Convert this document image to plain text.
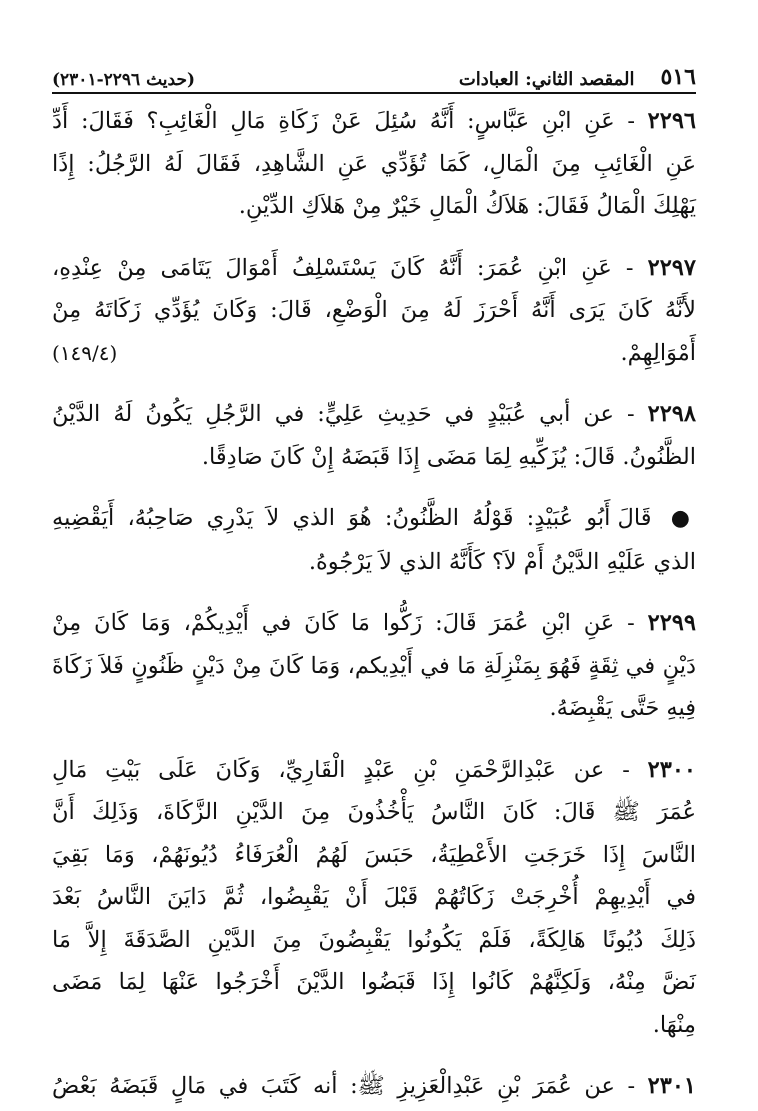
٥١٦
المقصد الثاني: العبادات
(حديث ٢٢٩٦-٢٣٠١)
٢٢٩٦ - عَنِ ابْنِ عَبَّاسٍ: أَنَّهُ سُئِلَ عَنْ زَكَاةِ مَالِ الْغَائِبِ؟ فَقَالَ: أَدِّ
عَنِ الْغَائِبِ مِنَ الْمَالِ، كَمَا تُؤَدِّي عَنِ الشَّاهِدِ، فَقَالَ لَهُ الرَّجُلُ: إِذًا
يَهْلِكَ الْمَالُ فَقَالَ: هَلاَكُ الْمَالِ خَيْرٌ مِنْ هَلاَكِ الدِّيْنِ.
٢٢٩٧ - عَنِ ابْنِ عُمَرَ: أَنَّهُ كَانَ يَسْتَسْلِفُ أَمْوَالَ يَتَامَى مِنْ عِنْدِهِ،
لأَنَّهُ كَانَ يَرَى أَنَّهُ أَحْرَزَ لَهُ مِنَ الْوَضْعِ، قَالَ: وَكَانَ يُؤَدِّي زَكَاتَهُ مِنْ
أَمْوَالِهِمْ.
(١٤٩/٤)
٢٢٩٨ - عن أبي عُبَيْدٍ في حَدِيثِ عَلِيٍّ: في الرَّجُلِ يَكُونُ لَهُ الدَّيْنُ
الظَّنُونُ. قَالَ: يُزَكِّيهِ لِمَا مَضَى إِذَا قَبَضَهُ إِنْ كَانَ صَادِقًا.
● قَالَ أَبُو عُبَيْدٍ: قَوْلُهُ الظَّنُونُ: هُوَ الذي لاَ يَدْرِي صَاحِبُهُ، أَيَقْضِيهِ
الذي عَلَيْهِ الدَّيْنُ أَمْ لاَ؟ كَأَنَّهُ الذي لاَ يَرْجُوهُ.
٢٢٩٩ - عَنِ ابْنِ عُمَرَ قَالَ: زَكُّوا مَا كَانَ في أَيْدِيكُمْ، وَمَا كَانَ مِنْ
دَيْنٍ في ثِقَةٍ فَهُوَ بِمَنْزِلَةِ مَا في أَيْدِيكم، وَمَا كَانَ مِنْ دَيْنٍ ظَنُونٍ فَلاَ زَكَاةَ
فِيهِ حَتَّى يَقْبِضَهُ.
٢٣٠٠ - عن عَبْدِالرَّحْمَنِ بْنِ عَبْدٍ الْقَارِيِّ، وَكَانَ عَلَى بَيْتِ مَالِ
عُمَرَ ﷺ قَالَ: كَانَ النَّاسُ يَأْخُذُونَ مِنَ الدَّيْنِ الزَّكَاةَ، وَذَلِكَ أَنَّ
النَّاسَ إِذَا خَرَجَتِ الأَعْطِيَةُ، حَبَسَ لَهُمُ الْعُرَفَاءُ دُيُونَهُمْ، وَمَا بَقِيَ
في أَيْدِيهِمْ أُخْرِجَتْ زَكَاتُهُمْ قَبْلَ أَنْ يَقْبِضُوا، ثُمَّ دَايَنَ النَّاسُ بَعْدَ
ذَلِكَ دُيُونًا هَالِكَةً، فَلَمْ يَكُونُوا يَقْبِضُونَ مِنَ الدَّيْنِ الصَّدَقَةَ إِلاَّ مَا
نَضَّ مِنْهُ، وَلَكِنَّهُمْ كَانُوا إِذَا قَبَضُوا الدَّيْنَ أَخْرَجُوا عَنْهَا لِمَا مَضَى
مِنْهَا.
٢٣٠١ - عن عُمَرَ بْنِ عَبْدِالْعَزِيزِ ﷺ: أنه كَتَبَ في مَالٍ قَبَضَهُ بَعْضُ
